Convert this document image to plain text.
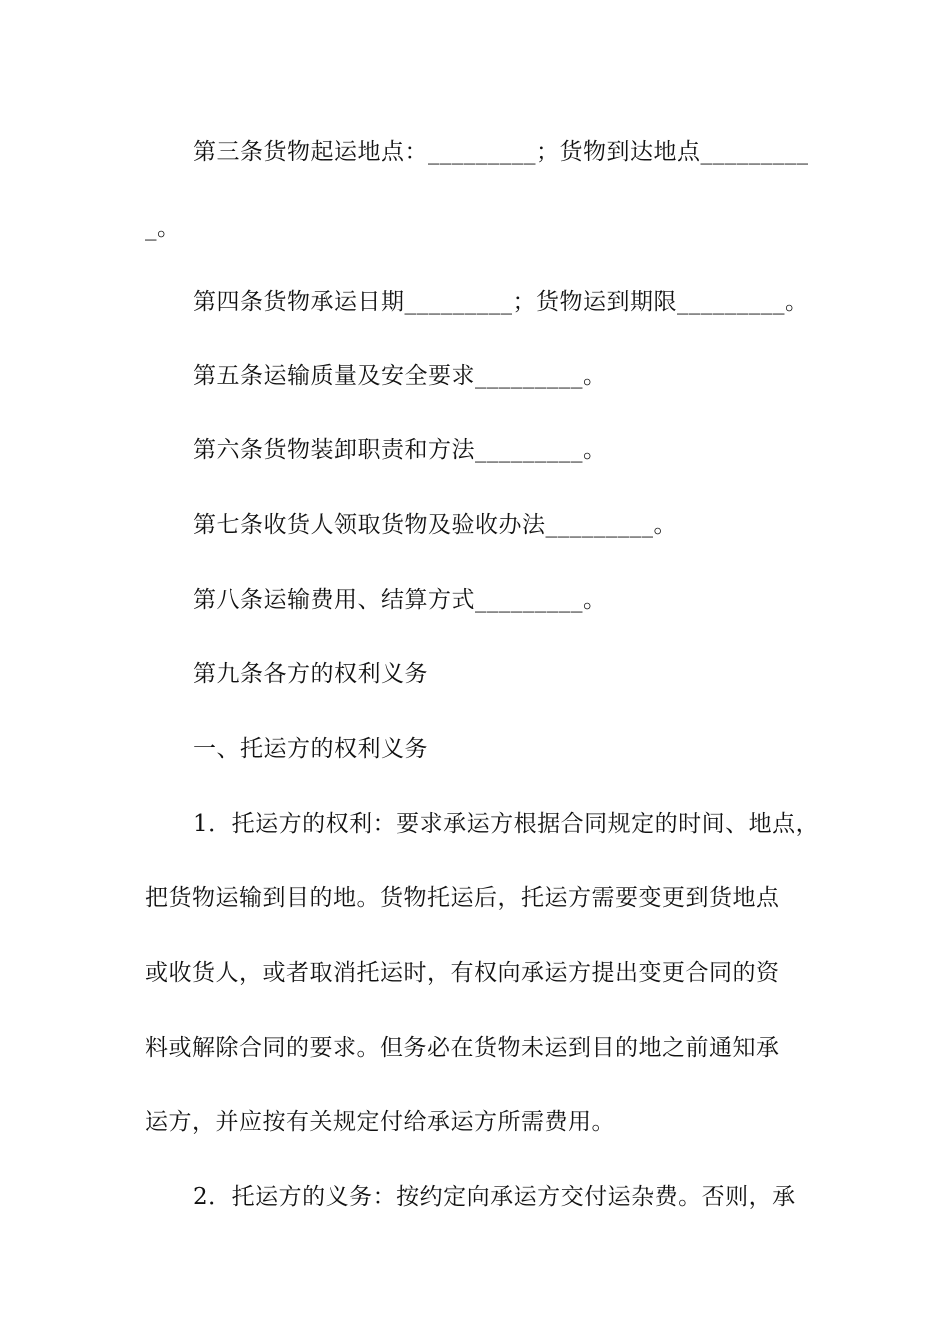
第三条货物起运地点：_________；货物到达地点_________
_。
第四条货物承运日期_________；货物运到期限_________。
第五条运输质量及安全要求_________。
第六条货物装卸职责和方法_________。
第七条收货人领取货物及验收办法_________。
第八条运输费用、结算方式_________。
第九条各方的权利义务
一、托运方的权利义务
1．托运方的权利：要求承运方根据合同规定的时间、地点，
把货物运输到目的地。货物托运后，托运方需要变更到货地点
或收货人，或者取消托运时，有权向承运方提出变更合同的资
料或解除合同的要求。但务必在货物未运到目的地之前通知承
运方，并应按有关规定付给承运方所需费用。
2．托运方的义务：按约定向承运方交付运杂费。否则，承
